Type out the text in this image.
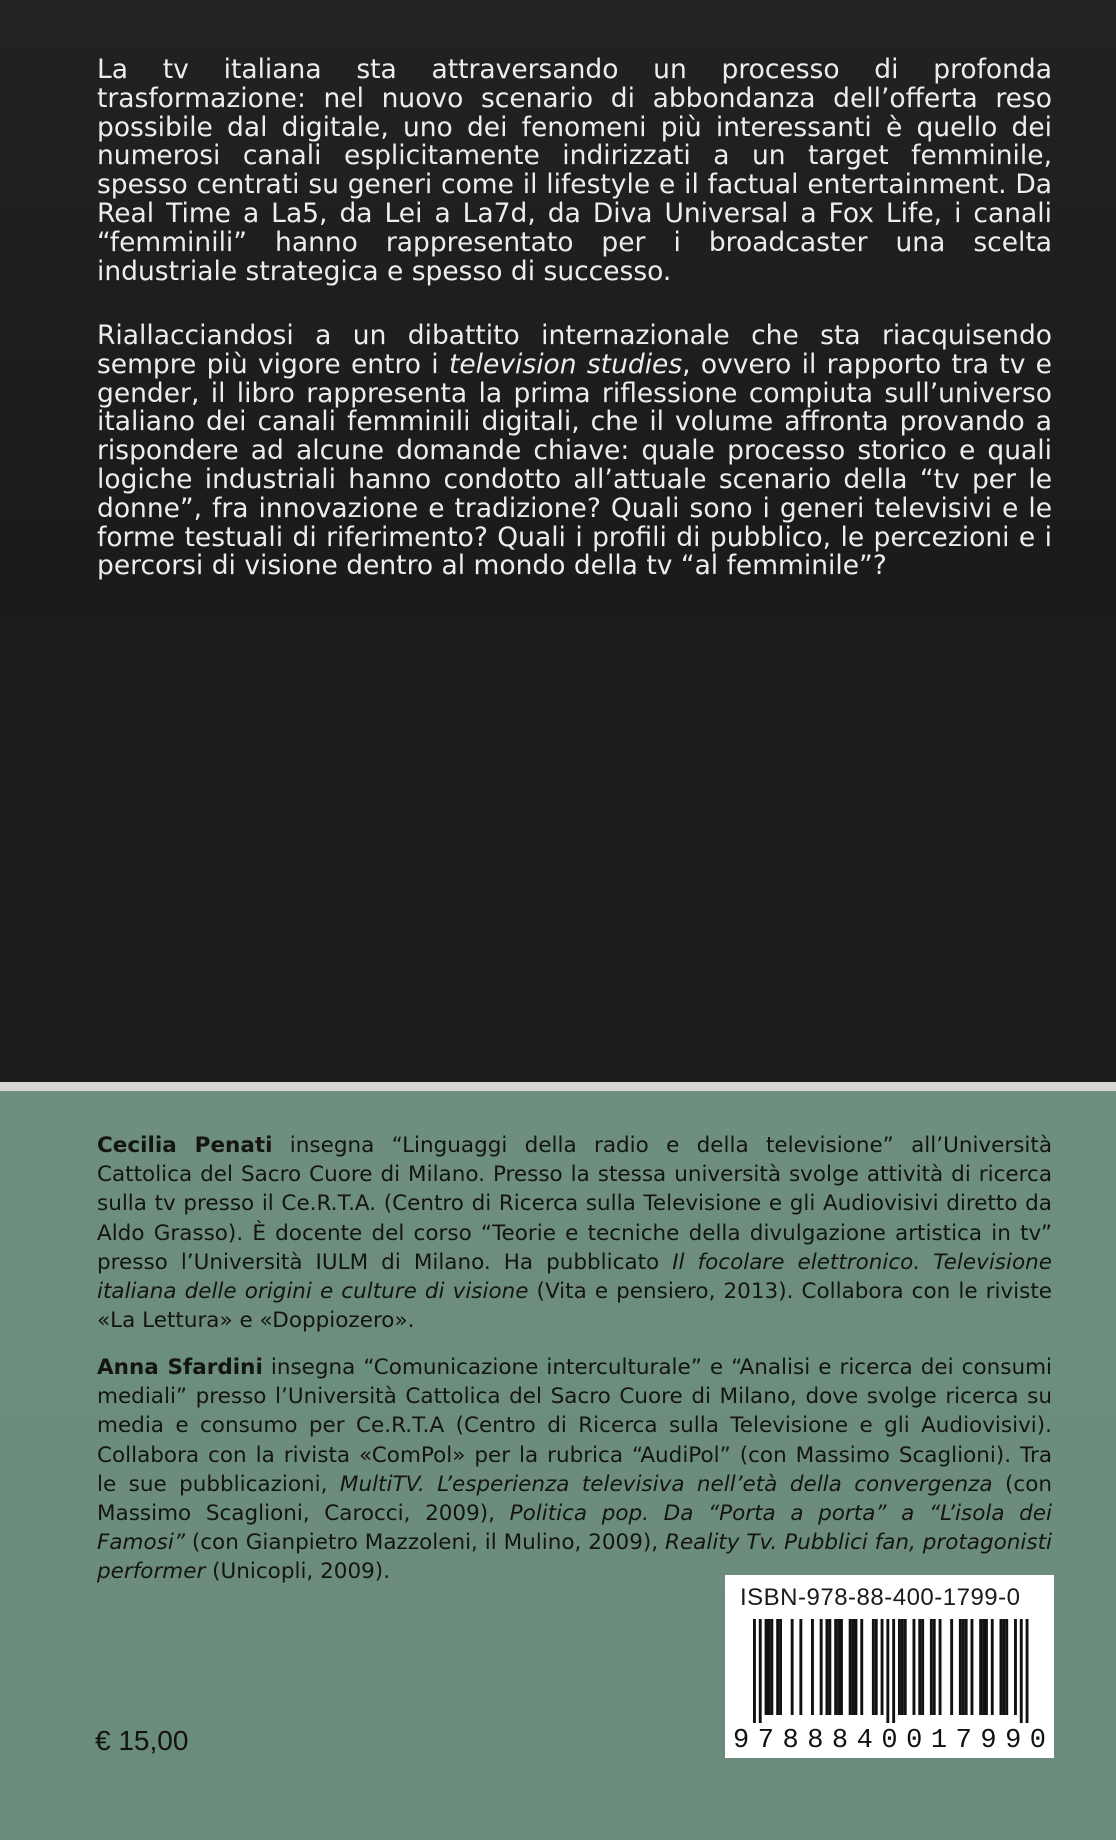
La tv italiana sta attraversando un processo di profonda trasformazione: nel nuovo scenario di abbondanza dell’offerta reso possibile dal digitale, uno dei fenomeni più interessanti è quello dei numerosi canali esplicitamente indirizzati a un target femminile, spesso centrati su generi come il lifestyle e il factual entertainment. Da Real Time a La5, da Lei a La7d, da Diva Universal a Fox Life, i canali “femminili” hanno rappresentato per i broadcaster una scelta industriale strategica e spesso di successo.

Riallacciandosi a un dibattito internazionale che sta riacquisendo sempre più vigore entro i television studies, ovvero il rapporto tra tv e gender, il libro rappresenta la prima riflessione compiuta sull’universo italiano dei canali femminili digitali, che il volume affronta provando a rispondere ad alcune domande chiave: quale processo storico e quali logiche industriali hanno condotto all’attuale scenario della “tv per le donne”, fra innovazione e tradizione? Quali sono i generi televisivi e le forme testuali di riferimento? Quali i profili di pubblico, le percezioni e i percorsi di visione dentro al mondo della tv “al femminile”?

Cecilia Penati insegna “Linguaggi della radio e della televisione” all’Università Cattolica del Sacro Cuore di Milano. Presso la stessa università svolge attività di ricerca sulla tv presso il Ce.R.T.A. (Centro di Ricerca sulla Televisione e gli Audiovisivi diretto da Aldo Grasso). È docente del corso “Teorie e tecniche della divulgazione artistica in tv” presso l’Università IULM di Milano. Ha pubblicato Il focolare elettronico. Televisione italiana delle origini e culture di visione (Vita e pensiero, 2013). Collabora con le riviste «La Lettura» e «Doppiozero».

Anna Sfardini insegna “Comunicazione interculturale” e “Analisi e ricerca dei consumi mediali” presso l’Università Cattolica del Sacro Cuore di Milano, dove svolge ricerca su media e consumo per Ce.R.T.A (Centro di Ricerca sulla Televisione e gli Audiovisivi). Collabora con la rivista «ComPol» per la rubrica “AudiPol” (con Massimo Scaglioni). Tra le sue pubblicazioni, MultiTV. L’esperienza televisiva nell’età della convergenza (con Massimo Scaglioni, Carocci, 2009), Politica pop. Da “Porta a porta” a “L’isola dei Famosi” (con Gianpietro Mazzoleni, il Mulino, 2009), Reality Tv. Pubblici fan, protagonisti performer (Unicopli, 2009).

€ 15,00
ISBN-978-88-400-1799-0
9788840017990
